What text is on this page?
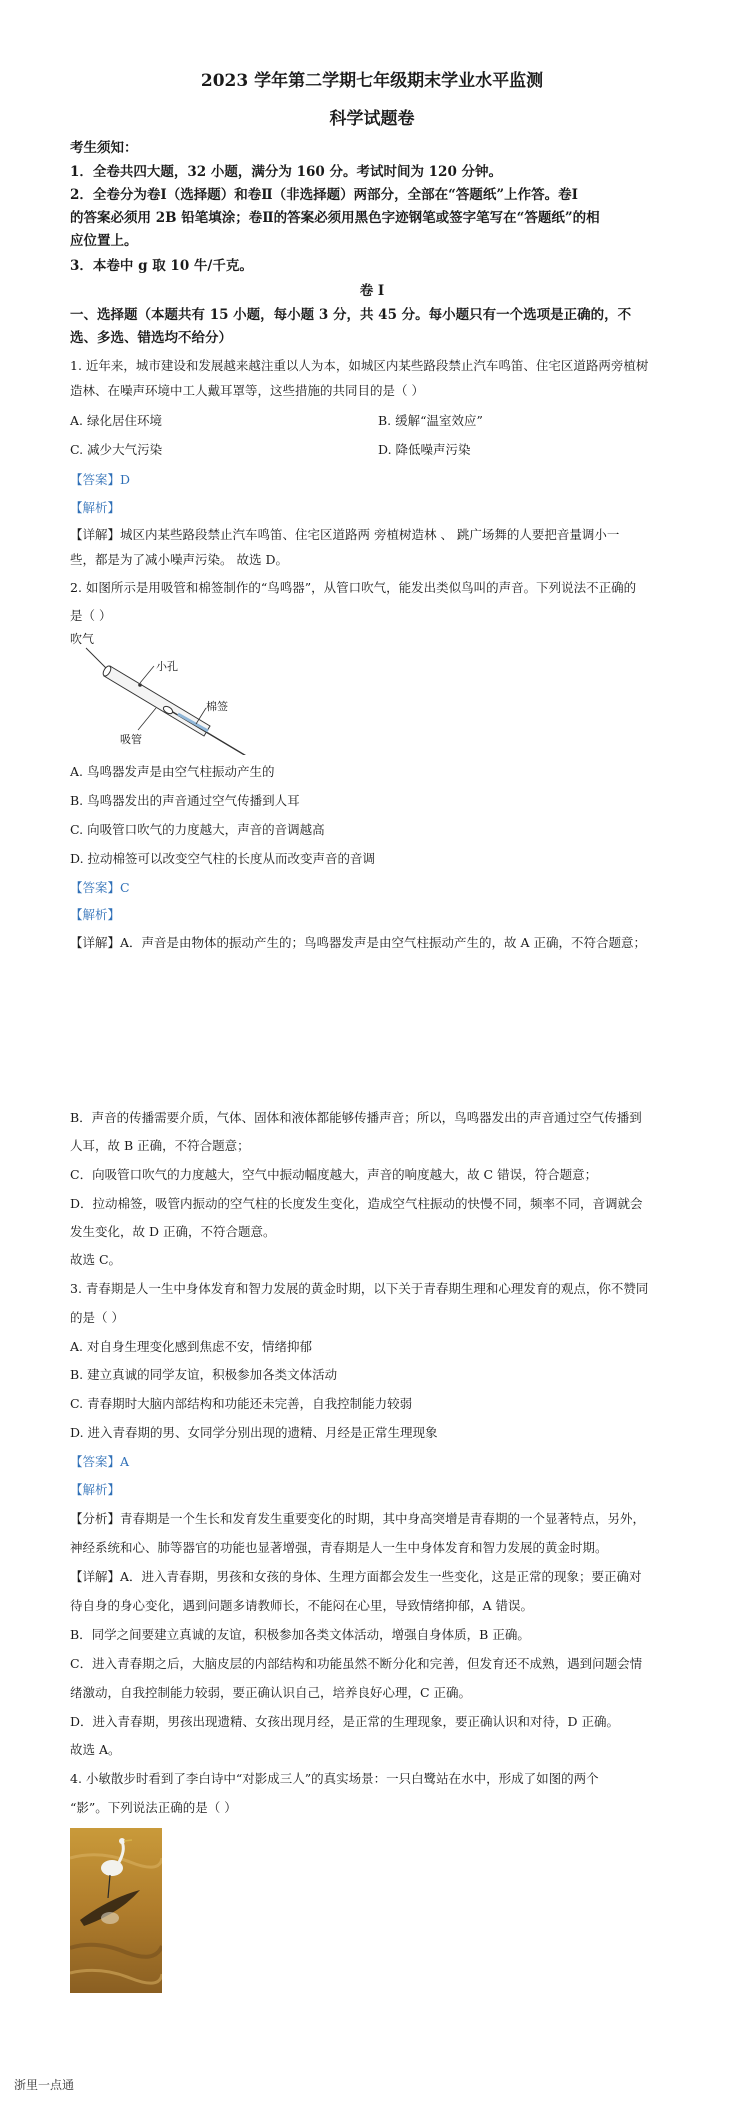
2023 学年第二学期七年级期末学业水平监测
科学试题卷
考生须知：
1．全卷共四大题，32 小题，满分为 160 分。考试时间为 120 分钟。
2．全卷分为卷Ⅰ（选择题）和卷Ⅱ（非选择题）两部分，全部在“答题纸”上作答。卷Ⅰ
的答案必须用 2B 铅笔填涂；卷Ⅱ的答案必须用黑色字迹钢笔或签字笔写在“答题纸”的相
应位置上。
3．本卷中 g 取 10 牛/千克。
卷 I
一、选择题（本题共有 15 小题，每小题 3 分，共 45 分。每小题只有一个选项是正确的，不
选、多选、错选均不给分）
1. 近年来，城市建设和发展越来越注重以人为本，如城区内某些路段禁止汽车鸣笛、住宅区道路两旁植树
造林、在噪声环境中工人戴耳罩等，这些措施的共同目的是（ ）
A. 绿化居住环境	B. 缓解“温室效应”
C. 减少大气污染	D. 降低噪声污染
【答案】D
【解析】
【详解】城区内某些路段禁止汽车鸣笛、住宅区道路两 旁植树造林 、 跳广场舞的人要把音量调小一
些，都是为了减小噪声污染。 故选 D。
2. 如图所示是用吸管和棉签制作的“鸟鸣器”，从管口吹气，能发出类似鸟叫的声音。下列说法不正确的
是（ ）
吹气
小孔
棉签
吸管
A. 鸟鸣器发声是由空气柱振动产生的
B. 鸟鸣器发出的声音通过空气传播到人耳
C. 向吸管口吹气的力度越大，声音的音调越高
D. 拉动棉签可以改变空气柱的长度从而改变声音的音调
【答案】C
【解析】
【详解】A．声音是由物体的振动产生的；鸟鸣器发声是由空气柱振动产生的，故 A 正确，不符合题意；
B．声音的传播需要介质，气体、固体和液体都能够传播声音；所以，鸟鸣器发出的声音通过空气传播到
人耳，故 B 正确，不符合题意；
C．向吸管口吹气的力度越大，空气中振动幅度越大，声音的响度越大，故 C 错误，符合题意；
D．拉动棉签，吸管内振动的空气柱的长度发生变化，造成空气柱振动的快慢不同，频率不同，音调就会
发生变化，故 D 正确，不符合题意。
故选 C。
3. 青春期是人一生中身体发育和智力发展的黄金时期，以下关于青春期生理和心理发育的观点，你不赞同
的是（ ）
A. 对自身生理变化感到焦虑不安，情绪抑郁
B. 建立真诚的同学友谊，积极参加各类文体活动
C. 青春期时大脑内部结构和功能还未完善，自我控制能力较弱
D. 进入青春期的男、女同学分别出现的遗精、月经是正常生理现象
【答案】A
【解析】
【分析】青春期是一个生长和发育发生重要变化的时期，其中身高突增是青春期的一个显著特点，另外，
神经系统和心、肺等器官的功能也显著增强，青春期是人一生中身体发育和智力发展的黄金时期。
【详解】A．进入青春期，男孩和女孩的身体、生理方面都会发生一些变化，这是正常的现象；要正确对
待自身的身心变化，遇到问题多请教师长，不能闷在心里，导致情绪抑郁，A 错误。
B．同学之间要建立真诚的友谊，积极参加各类文体活动，增强自身体质，B 正确。
C．进入青春期之后，大脑皮层的内部结构和功能虽然不断分化和完善，但发育还不成熟，遇到问题会情
绪激动，自我控制能力较弱，要正确认识自己，培养良好心理，C 正确。
D．进入青春期，男孩出现遗精、女孩出现月经，是正常的生理现象，要正确认识和对待，D 正确。
故选 A。
4. 小敏散步时看到了李白诗中“对影成三人”的真实场景：一只白鹭站在水中，形成了如图的两个
“影”。下列说法正确的是（ ）
浙里一点通
